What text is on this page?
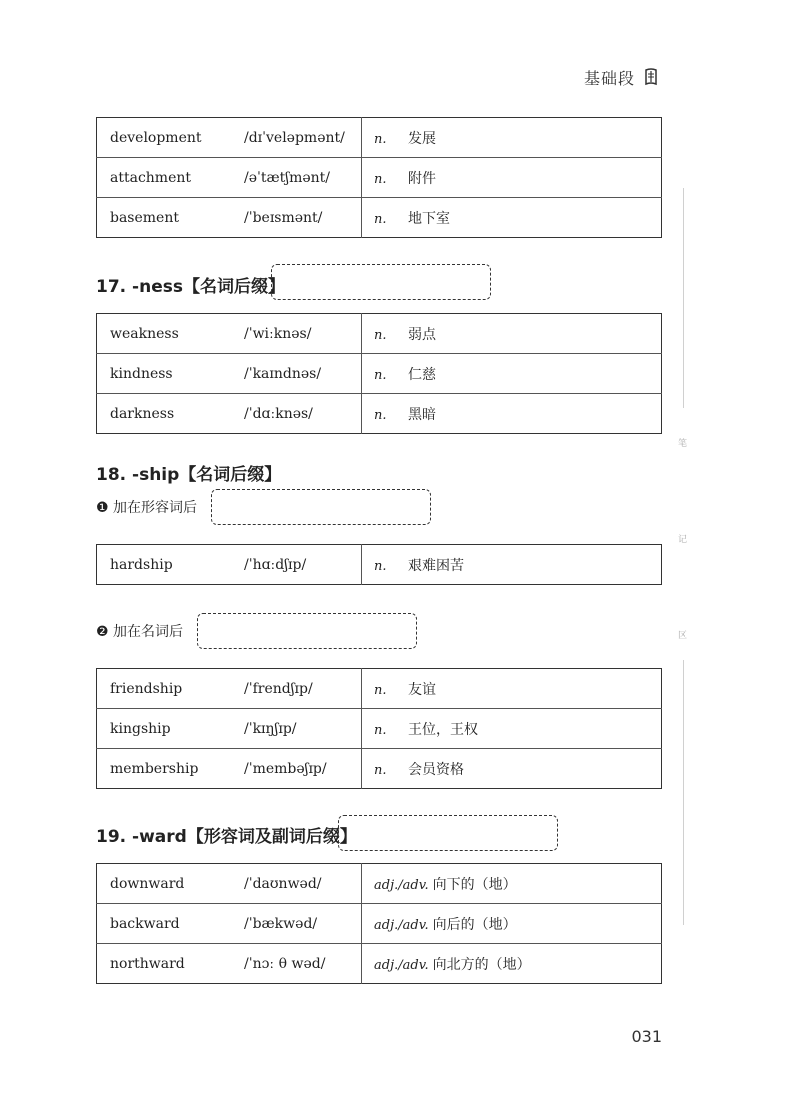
基础段
development	/dɪˈveləpmənt/	n. 发展
attachment	/əˈtætʃmənt/	n. 附件
basement	/ˈbeɪsmənt/	n. 地下室
17. -ness【名词后缀】
weakness	/ˈwiːknəs/	n. 弱点
kindness	/ˈkaɪndnəs/	n. 仁慈
darkness	/ˈdɑːknəs/	n. 黑暗
18. -ship【名词后缀】
❶ 加在形容词后
hardship	/ˈhɑːdʃɪp/	n. 艰难困苦
❷ 加在名词后
friendship	/ˈfrendʃɪp/	n. 友谊
kingship	/ˈkɪŋʃɪp/	n. 王位，王权
membership	/ˈmembəʃɪp/	n. 会员资格
19. -ward【形容词及副词后缀】
downward	/ˈdaʊnwəd/	adj./adv. 向下的（地）
backward	/ˈbækwəd/	adj./adv. 向后的（地）
northward	/ˈnɔː θ wəd/	adj./adv. 向北方的（地）
笔
记
区
031
